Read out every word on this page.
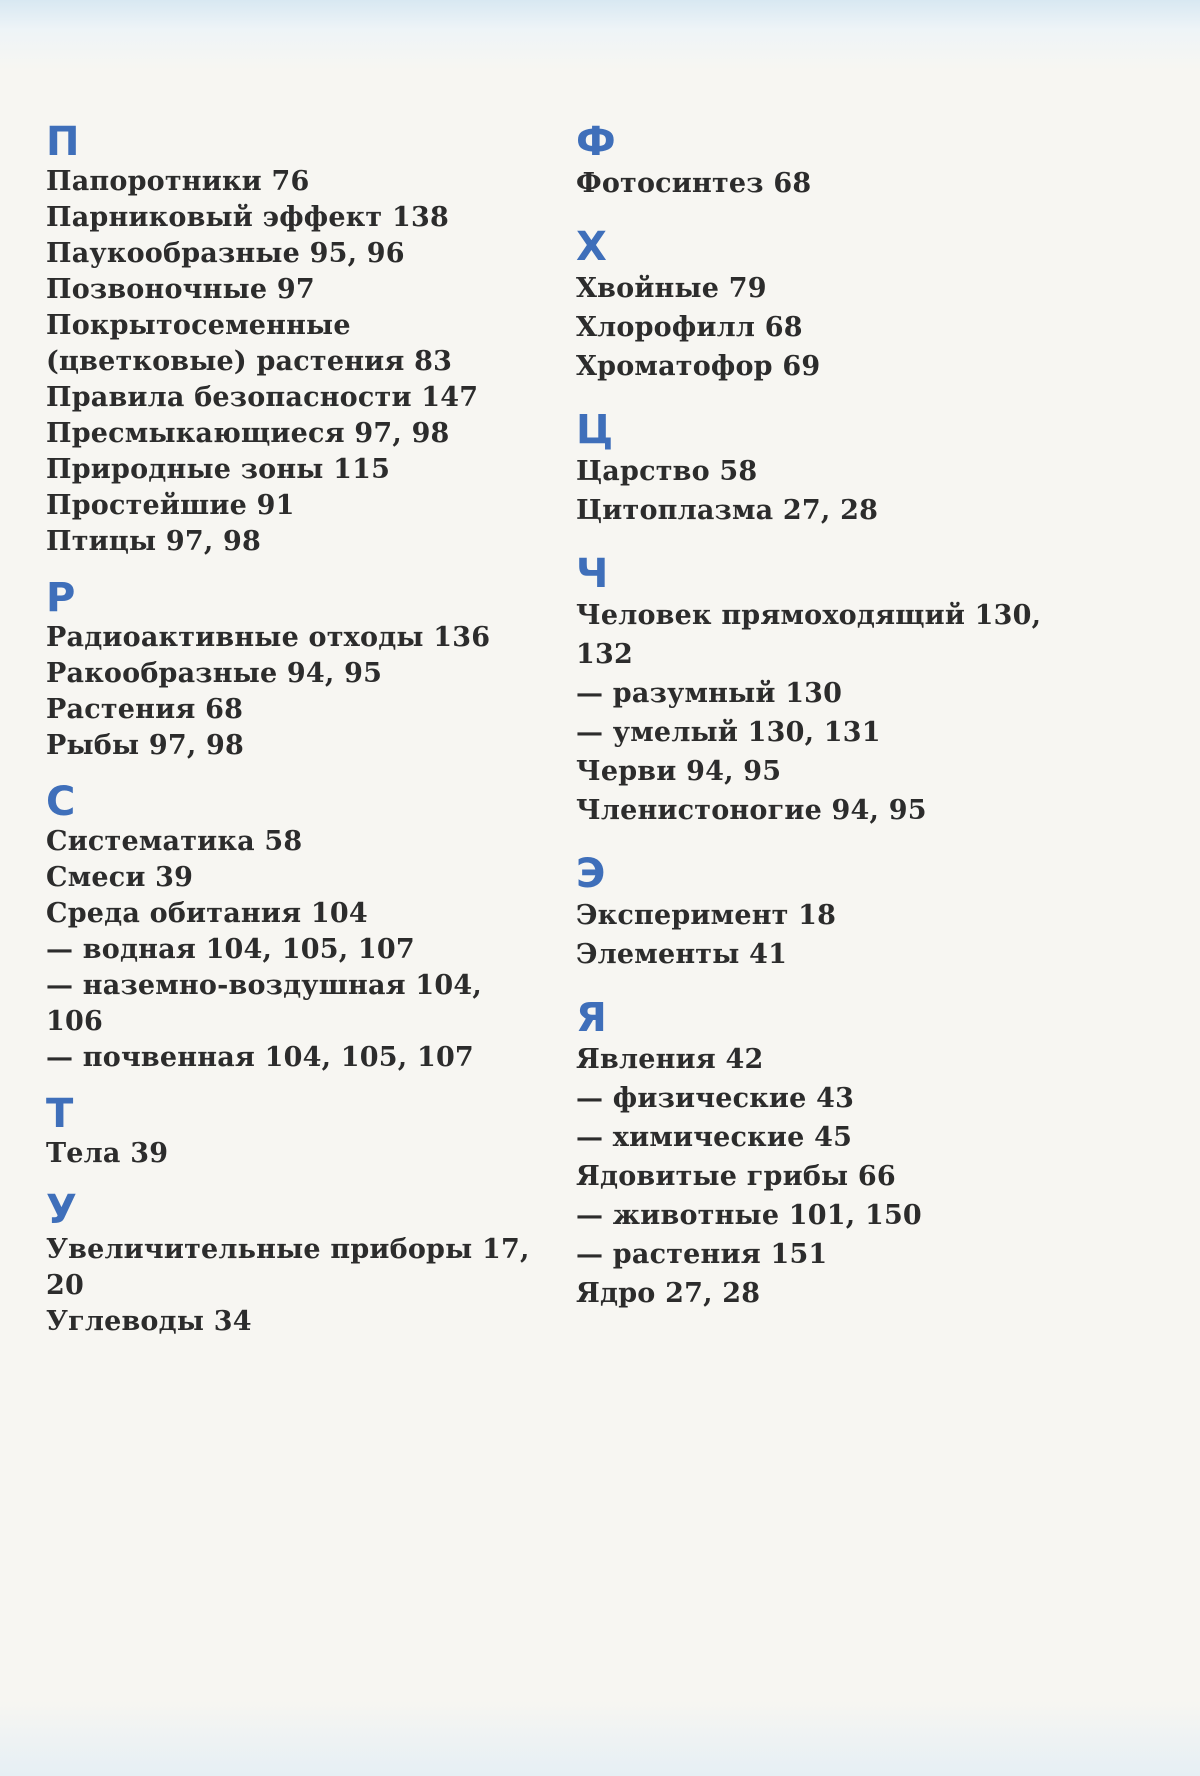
П
Папоротники 76
Парниковый эффект 138
Паукообразные 95, 96
Позвоночные 97
Покрытосеменные
(цветковые) растения 83
Правила безопасности 147
Пресмыкающиеся 97, 98
Природные зоны 115
Простейшие 91
Птицы 97, 98
Р
Радиоактивные отходы 136
Ракообразные 94, 95
Растения 68
Рыбы 97, 98
С
Систематика 58
Смеси 39
Среда обитания 104
— водная 104, 105, 107
— наземно-воздушная 104,
106
— почвенная 104, 105, 107
Т
Тела 39
У
Увеличительные приборы 17,
20
Углеводы 34
Ф
Фотосинтез 68
Х
Хвойные 79
Хлорофилл 68
Хроматофор 69
Ц
Царство 58
Цитоплазма 27, 28
Ч
Человек прямоходящий 130,
132
— разумный 130
— умелый 130, 131
Черви 94, 95
Членистоногие 94, 95
Э
Эксперимент 18
Элементы 41
Я
Явления 42
— физические 43
— химические 45
Ядовитые грибы 66
— животные 101, 150
— растения 151
Ядро 27, 28
